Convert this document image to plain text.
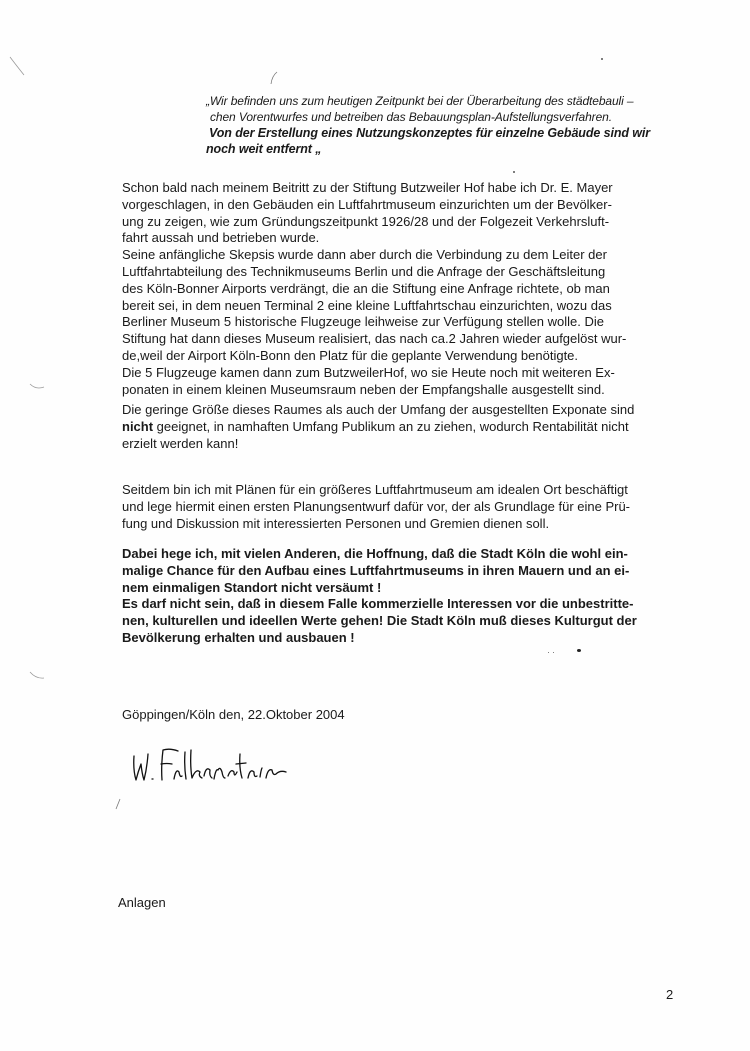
„Wir befinden uns zum heutigen Zeitpunkt bei der Überarbeitung des städtebauli –

chen Vorentwurfes und betreiben das Bebauungsplan-Aufstellungsverfahren.

Von der Erstellung eines Nutzungskonzeptes für einzelne Gebäude sind wir

noch weit entfernt „

Schon bald nach meinem Beitritt zu der Stiftung Butzweiler Hof habe ich Dr. E. Mayer

vorgeschlagen, in den Gebäuden ein Luftfahrtmuseum einzurichten um der Bevölker-

ung zu zeigen, wie zum Gründungszeitpunkt 1926/28 und der Folgezeit Verkehrsluft-

fahrt aussah und betrieben wurde.

Seine anfängliche Skepsis wurde dann aber durch die Verbindung zu dem Leiter der

Luftfahrtabteilung des Technikmuseums Berlin und die Anfrage der Geschäftsleitung

des Köln-Bonner Airports verdrängt, die an die Stiftung eine Anfrage richtete, ob man

bereit sei, in dem neuen Terminal 2 eine kleine Luftfahrtschau einzurichten, wozu das

Berliner Museum 5 historische Flugzeuge leihweise zur Verfügung stellen wolle. Die

Stiftung hat dann dieses Museum realisiert, das nach ca.2 Jahren wieder aufgelöst wur-

de,weil der Airport Köln-Bonn den Platz für die geplante Verwendung benötigte.

Die 5 Flugzeuge kamen dann zum ButzweilerHof, wo sie Heute noch mit weiteren Ex-

ponaten in einem kleinen Museumsraum neben der Empfangshalle ausgestellt sind.

Die geringe Größe dieses Raumes als auch der Umfang der ausgestellten Exponate sind

nicht geeignet, in namhaften Umfang Publikum an zu ziehen, wodurch Rentabilität nicht

erzielt werden kann!

Seitdem bin ich mit Plänen für ein größeres Luftfahrtmuseum am idealen Ort beschäftigt

und lege hiermit einen ersten Planungsentwurf dafür vor, der als Grundlage für eine Prü-

fung und Diskussion mit interessierten Personen und Gremien dienen soll.

Dabei hege ich, mit vielen Anderen, die Hoffnung, daß die Stadt Köln die wohl ein-

malige Chance für den Aufbau eines Luftfahrtmuseums in ihren Mauern und an ei-

nem einmaligen Standort nicht versäumt !

Es darf nicht sein, daß in diesem Falle kommerzielle Interessen vor die unbestritte-

nen, kulturellen und ideellen Werte gehen! Die Stadt Köln muß dieses Kulturgut der

Bevölkerung erhalten und ausbauen !

Göppingen/Köln den, 22.Oktober 2004
Anlagen
2
